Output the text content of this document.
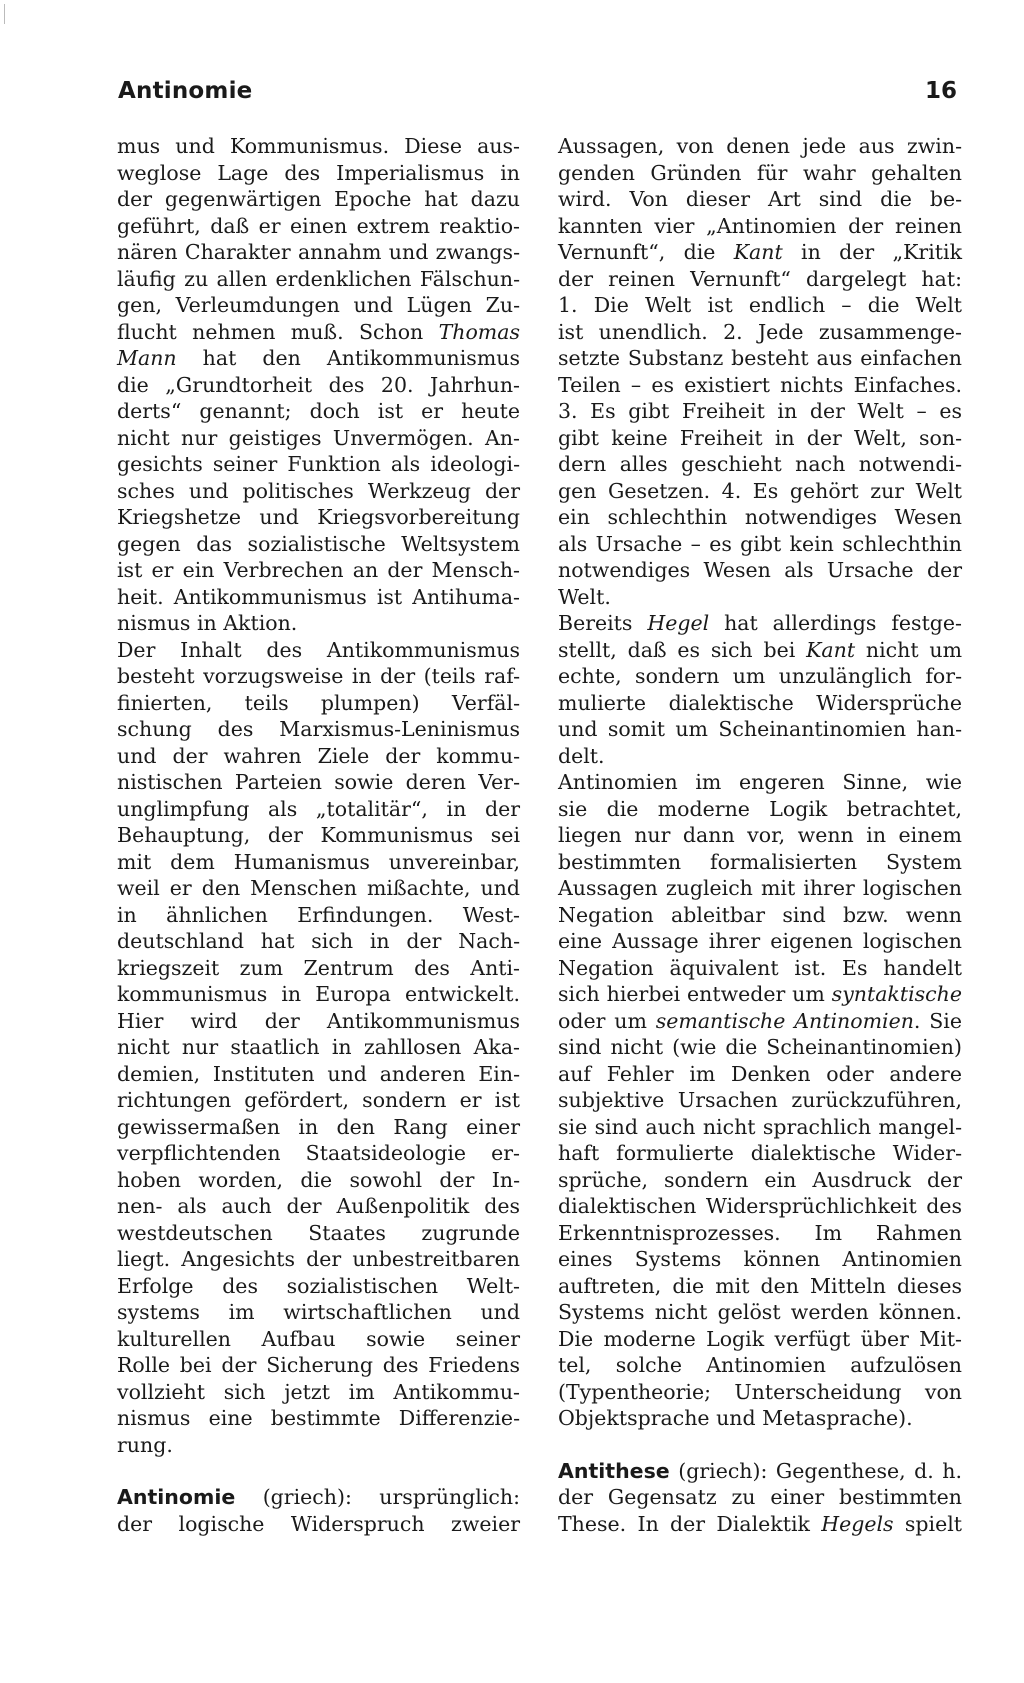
Antinomie	16
mus und Kommunismus. Diese aus-
weglose Lage des Imperialismus in
der gegenwärtigen Epoche hat dazu
geführt, daß er einen extrem reaktio-
nären Charakter annahm und zwangs-
läufig zu allen erdenklichen Fälschun-
gen, Verleumdungen und Lügen Zu-
flucht nehmen muß. Schon Thomas
Mann hat den Antikommunismus
die „Grundtorheit des 20. Jahrhun-
derts“ genannt; doch ist er heute
nicht nur geistiges Unvermögen. An-
gesichts seiner Funktion als ideologi-
sches und politisches Werkzeug der
Kriegshetze und Kriegsvorbereitung
gegen das sozialistische Weltsystem
ist er ein Verbrechen an der Mensch-
heit. Antikommunismus ist Antihuma-
nismus in Aktion.
Der Inhalt des Antikommunismus
besteht vorzugsweise in der (teils raf-
finierten, teils plumpen) Verfäl-
schung des Marxismus-Leninismus
und der wahren Ziele der kommu-
nistischen Parteien sowie deren Ver-
unglimpfung als „totalitär“, in der
Behauptung, der Kommunismus sei
mit dem Humanismus unvereinbar,
weil er den Menschen mißachte, und
in ähnlichen Erfindungen. West-
deutschland hat sich in der Nach-
kriegszeit zum Zentrum des Anti-
kommunismus in Europa entwickelt.
Hier wird der Antikommunismus
nicht nur staatlich in zahllosen Aka-
demien, Instituten und anderen Ein-
richtungen gefördert, sondern er ist
gewissermaßen in den Rang einer
verpflichtenden Staatsideologie er-
hoben worden, die sowohl der In-
nen- als auch der Außenpolitik des
westdeutschen Staates zugrunde
liegt. Angesichts der unbestreitbaren
Erfolge des sozialistischen Welt-
systems im wirtschaftlichen und
kulturellen Aufbau sowie seiner
Rolle bei der Sicherung des Friedens
vollzieht sich jetzt im Antikommu-
nismus eine bestimmte Differenzie-
rung.
Antinomie (griech): ursprünglich:
der logische Widerspruch zweier
Aussagen, von denen jede aus zwin-
genden Gründen für wahr gehalten
wird. Von dieser Art sind die be-
kannten vier „Antinomien der reinen
Vernunft“, die Kant in der „Kritik
der reinen Vernunft“ dargelegt hat:
1. Die Welt ist endlich – die Welt
ist unendlich. 2. Jede zusammenge-
setzte Substanz besteht aus einfachen
Teilen – es existiert nichts Einfaches.
3. Es gibt Freiheit in der Welt – es
gibt keine Freiheit in der Welt, son-
dern alles geschieht nach notwendi-
gen Gesetzen. 4. Es gehört zur Welt
ein schlechthin notwendiges Wesen
als Ursache – es gibt kein schlechthin
notwendiges Wesen als Ursache der
Welt.
Bereits Hegel hat allerdings festge-
stellt, daß es sich bei Kant nicht um
echte, sondern um unzulänglich for-
mulierte dialektische Widersprüche
und somit um Scheinantinomien han-
delt.
Antinomien im engeren Sinne, wie
sie die moderne Logik betrachtet,
liegen nur dann vor, wenn in einem
bestimmten formalisierten System
Aussagen zugleich mit ihrer logischen
Negation ableitbar sind bzw. wenn
eine Aussage ihrer eigenen logischen
Negation äquivalent ist. Es handelt
sich hierbei entweder um syntaktische
oder um semantische Antinomien. Sie
sind nicht (wie die Scheinantinomien)
auf Fehler im Denken oder andere
subjektive Ursachen zurückzuführen,
sie sind auch nicht sprachlich mangel-
haft formulierte dialektische Wider-
sprüche, sondern ein Ausdruck der
dialektischen Widersprüchlichkeit des
Erkenntnisprozesses. Im Rahmen
eines Systems können Antinomien
auftreten, die mit den Mitteln dieses
Systems nicht gelöst werden können.
Die moderne Logik verfügt über Mit-
tel, solche Antinomien aufzulösen
(Typentheorie; Unterscheidung von
Objektsprache und Metasprache).
Antithese (griech): Gegenthese, d. h.
der Gegensatz zu einer bestimmten
These. In der Dialektik Hegels spielt
